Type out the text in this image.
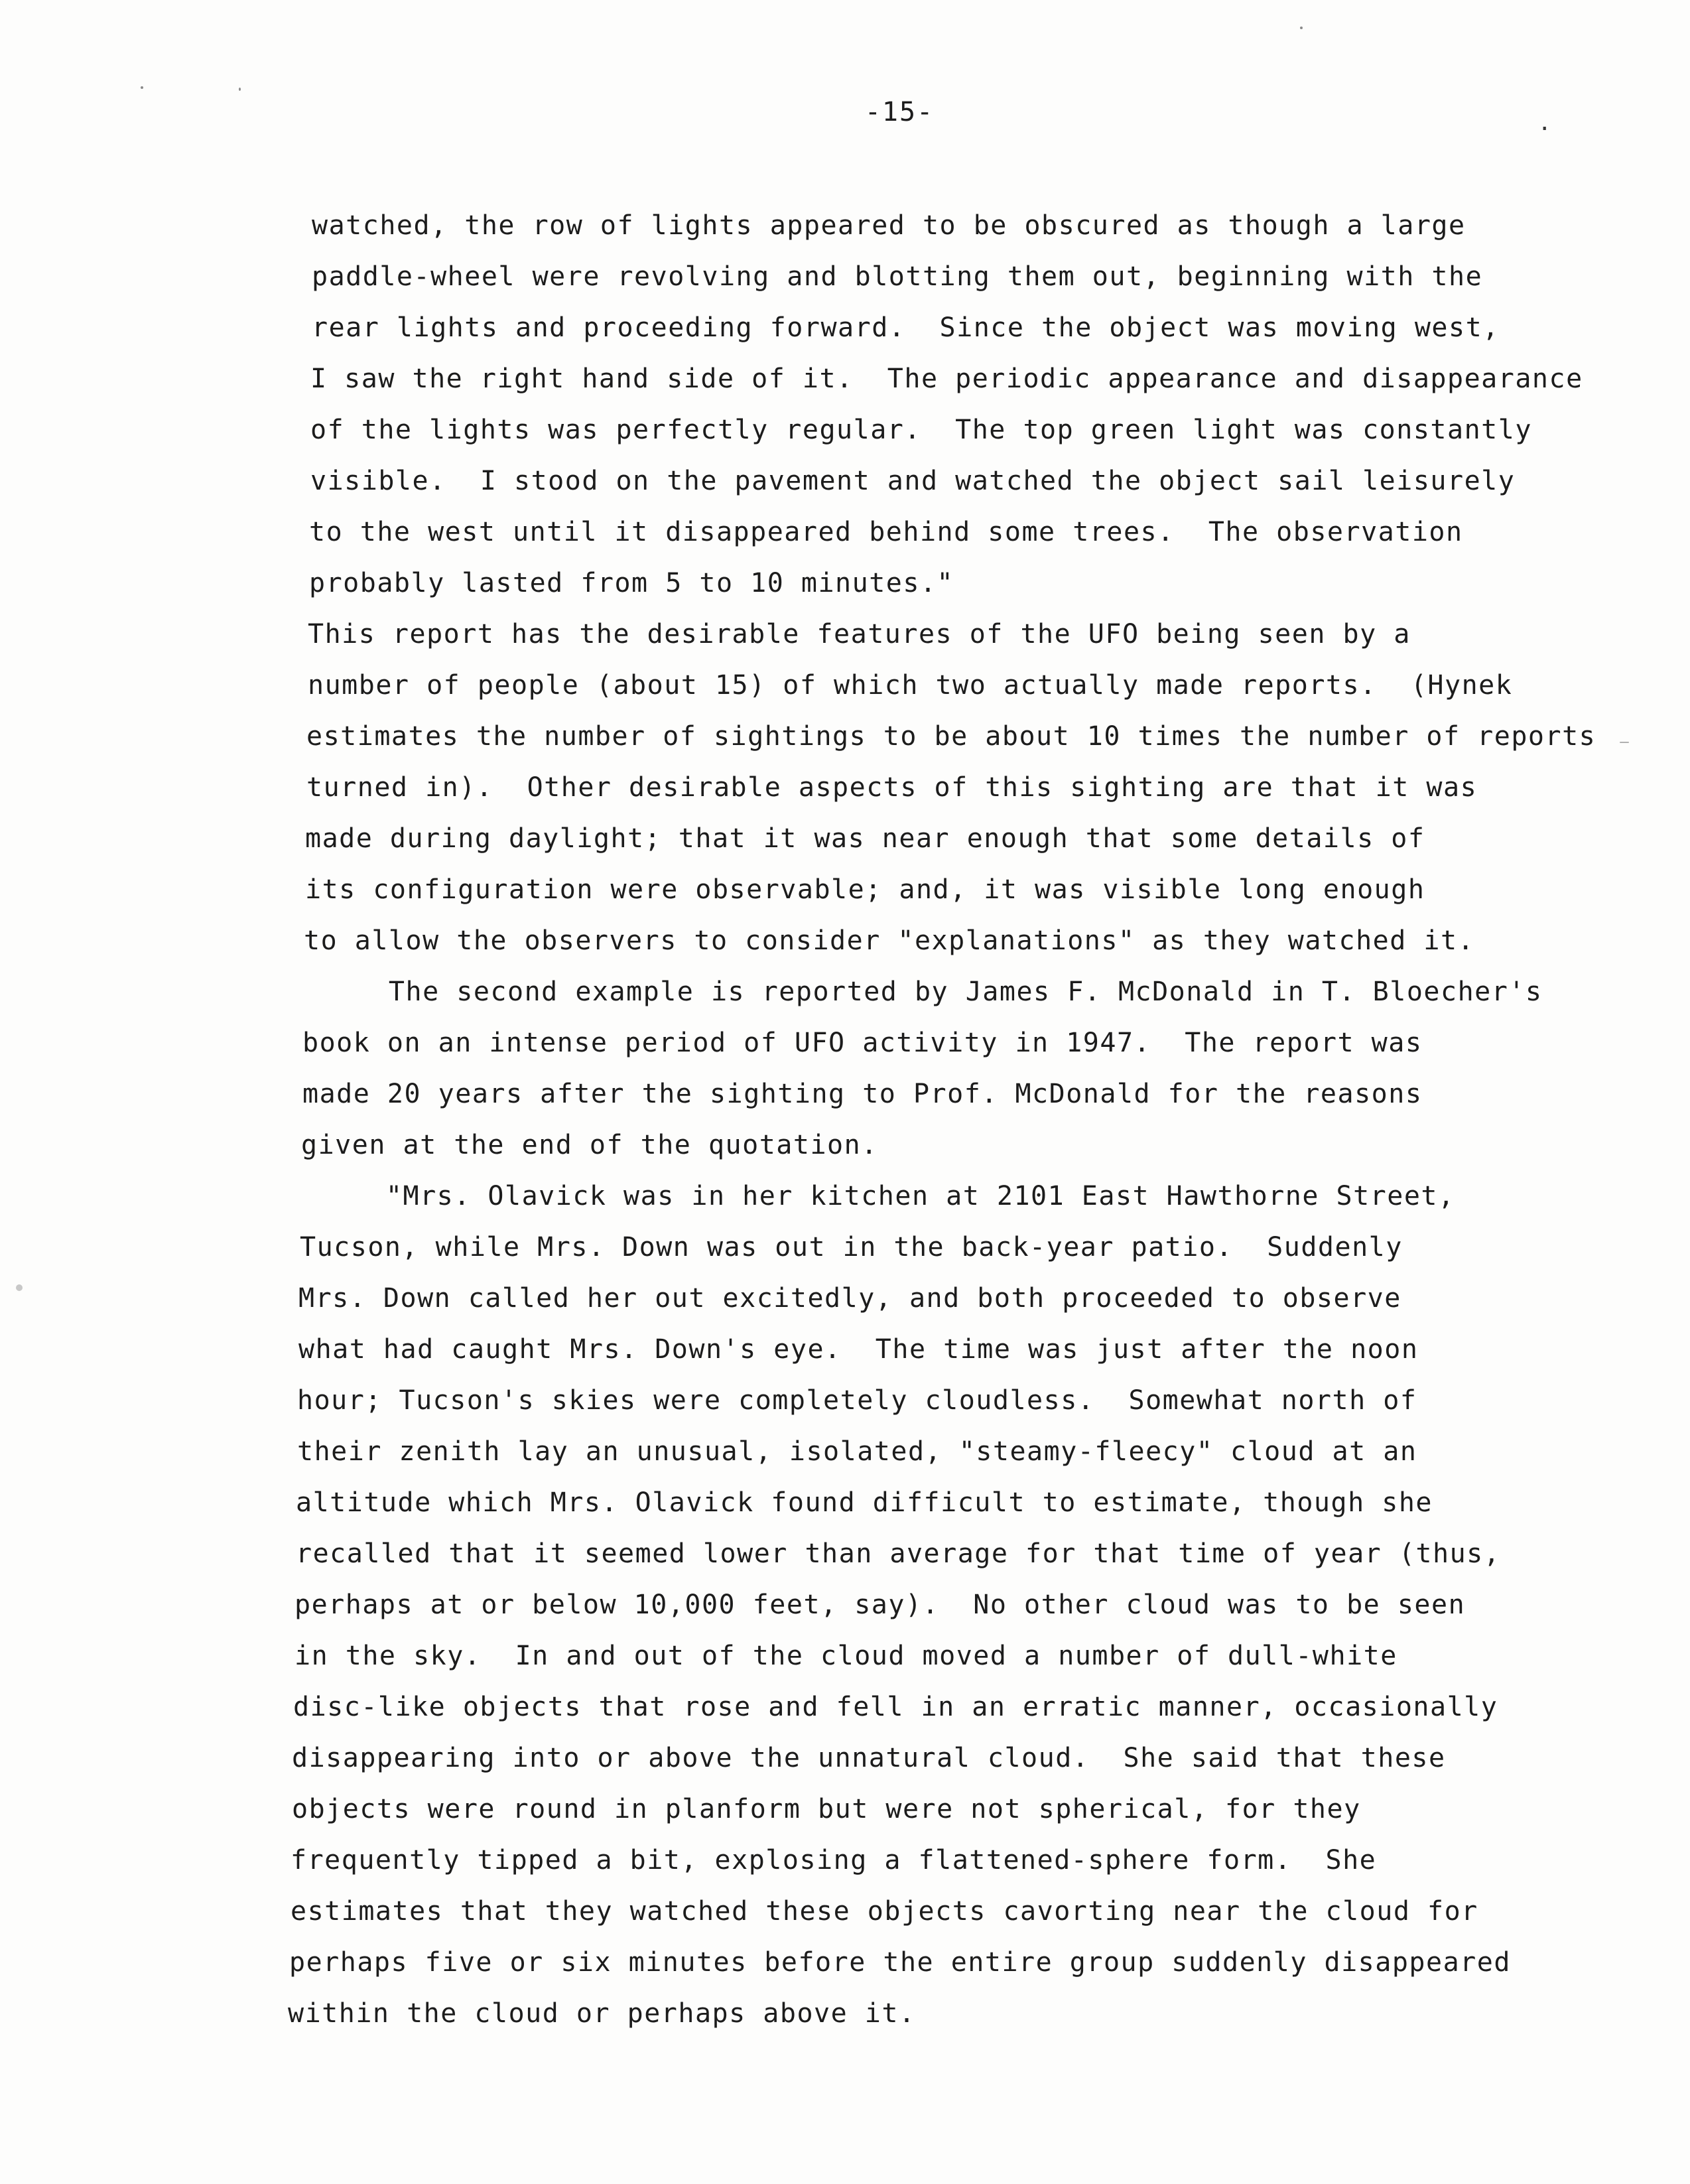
-15-	․
watched, the row of lights appeared to be obscured as though a large
paddle-wheel were revolving and blotting them out, beginning with the
rear lights and proceeding forward.  Since the object was moving west,
I saw the right hand side of it.  The periodic appearance and disappearance
of the lights was perfectly regular.  The top green light was constantly
visible.  I stood on the pavement and watched the object sail leisurely
to the west until it disappeared behind some trees.  The observation
probably lasted from 5 to 10 minutes."
This report has the desirable features of the UFO being seen by a
number of people (about 15) of which two actually made reports.  (Hynek
estimates the number of sightings to be about 10 times the number of reports
turned in).  Other desirable aspects of this sighting are that it was
made during daylight; that it was near enough that some details of
its configuration were observable; and, it was visible long enough
to allow the observers to consider "explanations" as they watched it.
The second example is reported by James F. McDonald in T. Bloecher's
book on an intense period of UFO activity in 1947.  The report was
made 20 years after the sighting to Prof. McDonald for the reasons
given at the end of the quotation.
"Mrs. Olavick was in her kitchen at 2101 East Hawthorne Street,
Tucson, while Mrs. Down was out in the back-year patio.  Suddenly
Mrs. Down called her out excitedly, and both proceeded to observe
what had caught Mrs. Down's eye.  The time was just after the noon
hour; Tucson's skies were completely cloudless.  Somewhat north of
their zenith lay an unusual, isolated, "steamy-fleecy" cloud at an
altitude which Mrs. Olavick found difficult to estimate, though she
recalled that it seemed lower than average for that time of year (thus,
perhaps at or below 10,000 feet, say).  No other cloud was to be seen
in the sky.  In and out of the cloud moved a number of dull-white
disc-like objects that rose and fell in an erratic manner, occasionally
disappearing into or above the unnatural cloud.  She said that these
objects were round in planform but were not spherical, for they
frequently tipped a bit, explosing a flattened-sphere form.  She
estimates that they watched these objects cavorting near the cloud for
perhaps five or six minutes before the entire group suddenly disappeared
within the cloud or perhaps above it.
